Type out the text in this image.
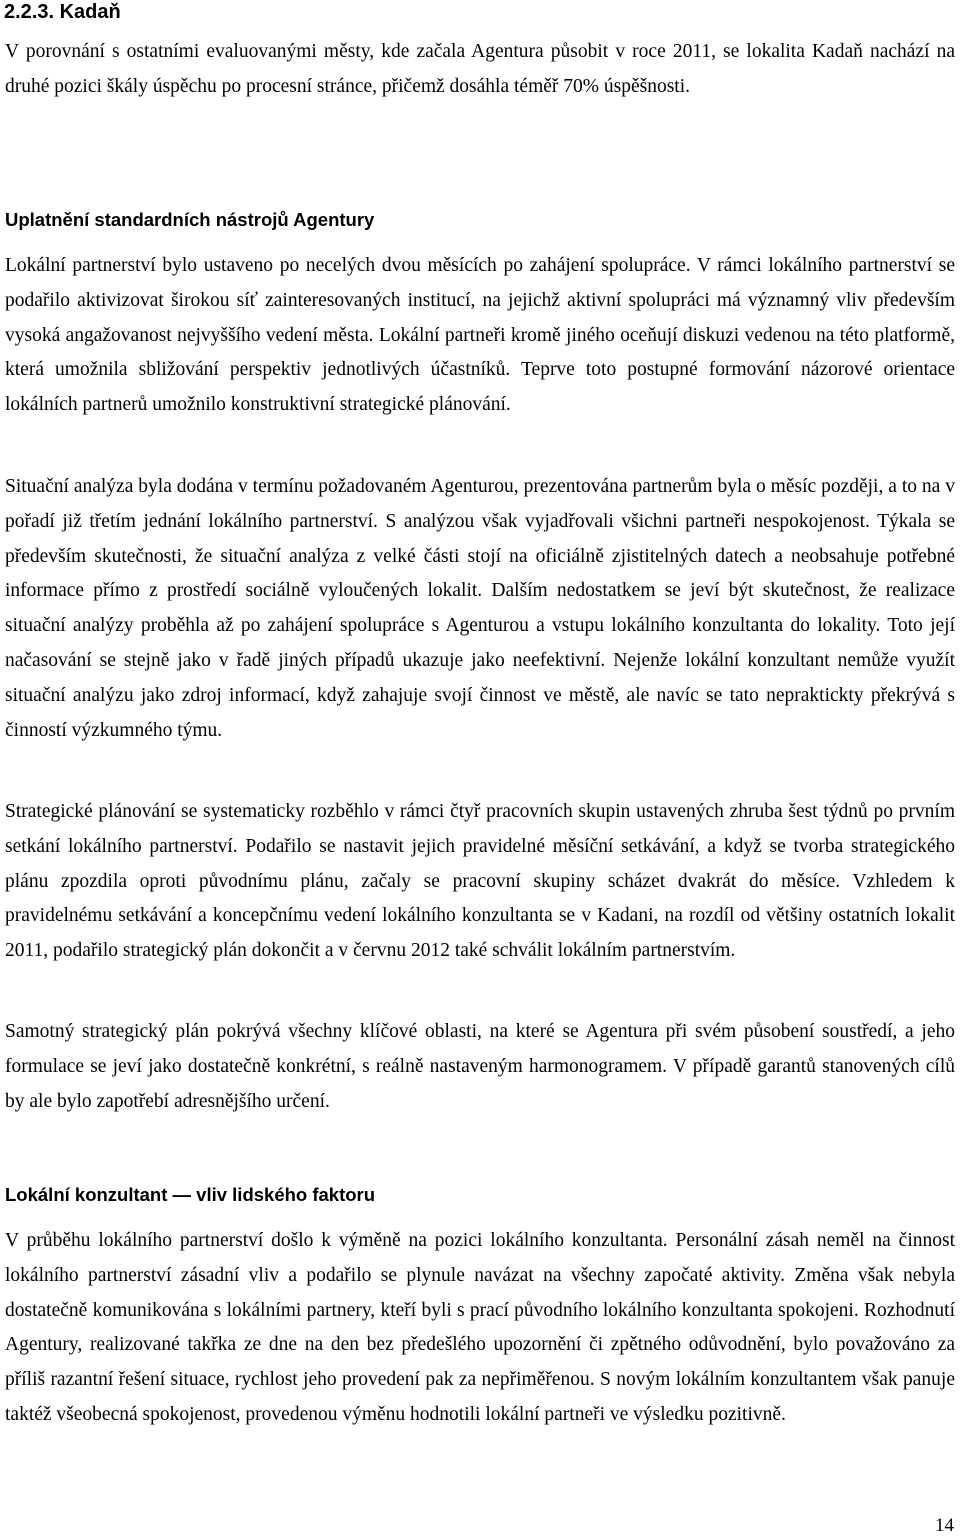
2.2.3. Kadaň

V porovnání s ostatními evaluovanými městy, kde začala Agentura působit v roce 2011, se lokalita Kadaň nachází na druhé pozici škály úspěchu po procesní stránce, přičemž dosáhla téměř 70% úspěšnosti.

Uplatnění standardních nástrojů Agentury

Lokální partnerství bylo ustaveno po necelých dvou měsících po zahájení spolupráce. V rámci lokálního partnerství se podařilo aktivizovat širokou síť zainteresovaných institucí, na jejichž aktivní spolupráci má významný vliv především vysoká angažovanost nejvyššího vedení města. Lokální partneři kromě jiného oceňují diskuzi vedenou na této platformě, která umožnila sbližování perspektiv jednotlivých účastníků. Teprve toto postupné formování názorové orientace lokálních partnerů umožnilo konstruktivní strategické plánování.

Situační analýza byla dodána v termínu požadovaném Agenturou, prezentována partnerům byla o měsíc později, a to na v pořadí již třetím jednání lokálního partnerství. S analýzou však vyjadřovali všichni partneři nespokojenost. Týkala se především skutečnosti, že situační analýza z velké části stojí na oficiálně zjistitelných datech a neobsahuje potřebné informace přímo z prostředí sociálně vyloučených lokalit. Dalším nedostatkem se jeví být skutečnost, že realizace situační analýzy proběhla až po zahájení spolupráce s Agenturou a vstupu lokálního konzultanta do lokality. Toto její načasování se stejně jako v řadě jiných případů ukazuje jako neefektivní. Nejenže lokální konzultant nemůže využít situační analýzu jako zdroj informací, když zahajuje svojí činnost ve městě, ale navíc se tato nepraktickty překrývá s činností výzkumného týmu.

Strategické plánování se systematicky rozběhlo v rámci čtyř pracovních skupin ustavených zhruba šest týdnů po prvním setkání lokálního partnerství. Podařilo se nastavit jejich pravidelné měsíční setkávání, a když se tvorba strategického plánu zpozdila oproti původnímu plánu, začaly se pracovní skupiny scházet dvakrát do měsíce. Vzhledem k pravidelnému setkávání a koncepčnímu vedení lokálního konzultanta se v Kadani, na rozdíl od většiny ostatních lokalit 2011, podařilo strategický plán dokončit a v červnu 2012 také schválit lokálním partnerstvím.

Samotný strategický plán pokrývá všechny klíčové oblasti, na které se Agentura při svém působení soustředí, a jeho formulace se jeví jako dostatečně konkrétní, s reálně nastaveným harmonogramem. V případě garantů stanovených cílů by ale bylo zapotřebí adresnějšího určení.

Lokální konzultant — vliv lidského faktoru

V průběhu lokálního partnerství došlo k výměně na pozici lokálního konzultanta. Personální zásah neměl na činnost lokálního partnerství zásadní vliv a podařilo se plynule navázat na všechny započaté aktivity. Změna však nebyla dostatečně komunikována s lokálními partnery, kteří byli s prací původního lokálního konzultanta spokojeni. Rozhodnutí Agentury, realizované takřka ze dne na den bez předešlého upozornění či zpětného odůvodnění, bylo považováno za příliš razantní řešení situace, rychlost jeho provedení pak za nepřiměřenou. S novým lokálním konzultantem však panuje taktéž všeobecná spokojenost, provedenou výměnu hodnotili lokální partneři ve výsledku pozitivně.

14
